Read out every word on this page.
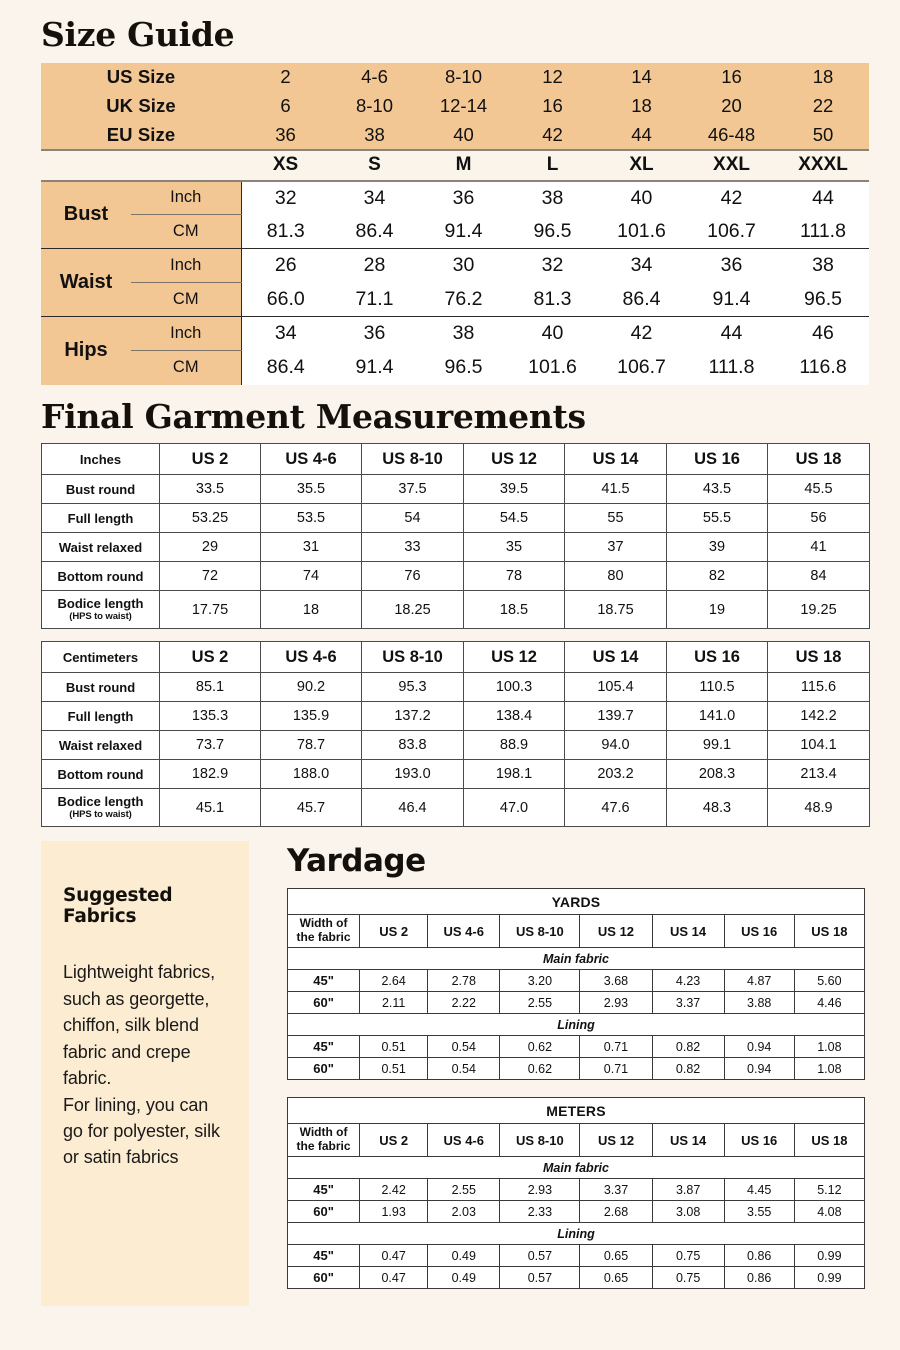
Size Guide
US Size		2	4-6	8-10	12	14	16	18
UK Size		6	8-10	12-14	16	18	20	22
EU Size		36	38	40	42	44	46-48	50
		XS	S	M	L	XL	XXL	XXXL
Bust	Inch	32	34	36	38	40	42	44
	CM	81.3	86.4	91.4	96.5	101.6	106.7	111.8
Waist	Inch	26	28	30	32	34	36	38
	CM	66.0	71.1	76.2	81.3	86.4	91.4	96.5
Hips	Inch	34	36	38	40	42	44	46
	CM	86.4	91.4	96.5	101.6	106.7	111.8	116.8
Final Garment Measurements
Inches	US 2	US 4-6	US 8-10	US 12	US 14	US 16	US 18
Bust round	33.5	35.5	37.5	39.5	41.5	43.5	45.5
Full length	53.25	53.5	54	54.5	55	55.5	56
Waist relaxed	29	31	33	35	37	39	41
Bottom round	72	74	76	78	80	82	84
Bodice length
(HPS to waist)	17.75	18	18.25	18.5	18.75	19	19.25
Centimeters	US 2	US 4-6	US 8-10	US 12	US 14	US 16	US 18
Bust round	85.1	90.2	95.3	100.3	105.4	110.5	115.6
Full length	135.3	135.9	137.2	138.4	139.7	141.0	142.2
Waist relaxed	73.7	78.7	83.8	88.9	94.0	99.1	104.1
Bottom round	182.9	188.0	193.0	198.1	203.2	208.3	213.4
Bodice length
(HPS to waist)	45.1	45.7	46.4	47.0	47.6	48.3	48.9
Suggested Fabrics

Lightweight fabrics, such as georgette, chiffon, silk blend fabric and crepe fabric.
For lining, you can go for polyester, silk or satin fabrics

Yardage
YARDS							
Width of
the fabric	US 2	US 4-6	US 8-10	US 12	US 14	US 16	US 18
Main fabric							
45"	2.64	2.78	3.20	3.68	4.23	4.87	5.60
60"	2.11	2.22	2.55	2.93	3.37	3.88	4.46
Lining							
45"	0.51	0.54	0.62	0.71	0.82	0.94	1.08
60"	0.51	0.54	0.62	0.71	0.82	0.94	1.08
METERS							
Width of
the fabric	US 2	US 4-6	US 8-10	US 12	US 14	US 16	US 18
Main fabric							
45"	2.42	2.55	2.93	3.37	3.87	4.45	5.12
60"	1.93	2.03	2.33	2.68	3.08	3.55	4.08
Lining							
45"	0.47	0.49	0.57	0.65	0.75	0.86	0.99
60"	0.47	0.49	0.57	0.65	0.75	0.86	0.99
